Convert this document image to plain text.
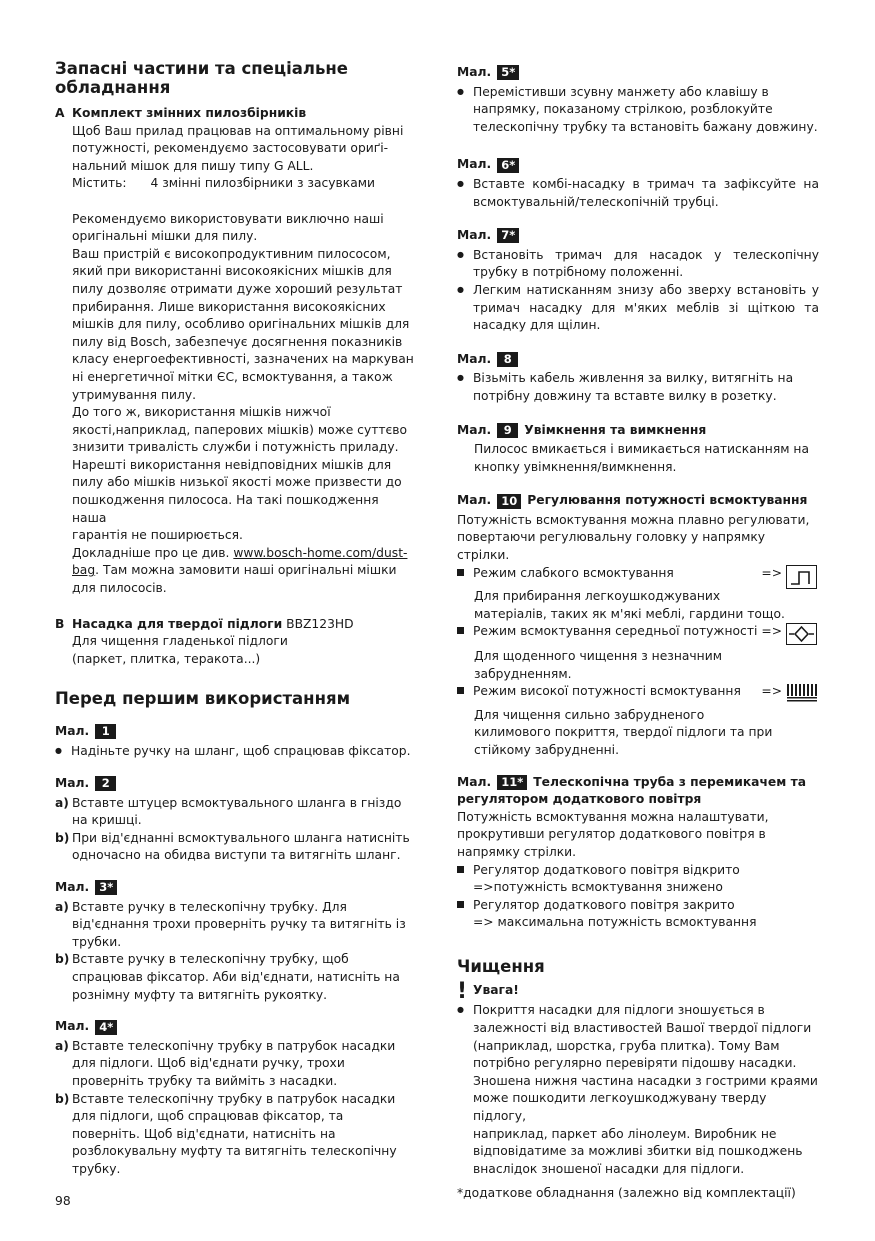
Запасні частини та спеціальне обладнання
A Комплект змінних пилозбірників
Щоб Ваш прилад працював на оптимальному рівні
потужності, рекомендуємо застосовувати ориґі-
нальний мішок для пишу типу G ALL.
Містить: 4 змінні пилозбірники з засувками
Рекомендуємо використовувати виключно наші
оригінальні мішки для пилу.
Ваш пристрій є високопродуктивним пилососом,
який при використанні високоякісних мішків для
пилу дозволяє отримати дуже хороший результат
прибирання. Лише використання високоякісних
мішків для пилу, особливо оригінальних мішків для
пилу від Bosch, забезпечує досягнення показників
класу енергоефективності, зазначених на маркуван
ні енергетичної мітки ЄС, всмоктування, а також
утримування пилу.
До того ж, використання мішків нижчої
якості,наприклад, паперових мішків) може суттєво
знизити тривалість служби і потужність приладу.
Нарешті використання невідповідних мішків для
пилу або мішків низької якості може призвести до
пошкодження пилососа. На такі пошкодження наша
гарантія не поширюється.
Докладніше про це див. www.bosch-home.com/dust-
bag. Там можна замовити наші оригінальні мішки
для пилососів.
B Насадка для твердої підлоги BBZ123HD
Для чищення гладенької підлоги
(паркет, плитка, теракота...)
Перед першим використанням
Мал.	1
●
Надіньте ручку на шланг, щоб спрацював фіксатор.
Мал.	2
a) Вставте штуцер всмоктувального шланга в гніздо
на кришці.
b) При від'єднанні всмоктувального шланга натисніть
одночасно на обидва виступи та витягніть шланг.
Мал. 3*
a) Вставте ручку в телескопічну трубку. Для
від'єднання трохи проверніть ручку та витягніть із
трубки.
b) Вставте ручку в телескопічну трубку, щоб
спрацював фіксатор. Аби від'єднати, натисніть на
рознімну муфту та витягніть рукоятку.
Мал. 4*
a) Вставте телескопічну трубку в патрубок насадки
для підлоги. Щоб від'єднати ручку, трохи
проверніть трубку та вийміть з насадки.
b) Вставте телескопічну трубку в патрубок насадки
для підлоги, щоб спрацював фіксатор, та
поверніть. Щоб від'єднати, натисніть на
розблокувальну муфту та витягніть телескопічну
трубку.
Мал. 5*
●
Перемістивши зсувну манжету або клавішу в
напрямку, показаному стрілкою, розблокуйте
телескопічну трубку та встановіть бажану довжину.
Мал. 6*
●
Вставте комбі-насадку в тримач та зафіксуйте на
всмоктувальній/телескопічній трубці.
Мал. 7*
●
Встановіть тримач для насадок у телескопічну
трубку в потрібному положенні.
●
Легким натисканням знизу або зверху встановіть у
тримач насадку для м'яких меблів зі щіткою та
насадку для щілин.
Мал.	8
●
Візьміть кабель живлення за вилку, витягніть на
потрібну довжину та вставте вилку в розетку.
Мал.	9	Увімкнення та вимкнення
Пилосос вмикається і вимикається натисканням на
кнопку увімкнення/вимкнення.
Мал. 10 Регулювання потужності всмоктування
Потужність всмоктування можна плавно регулювати,
повертаючи регулювальну головку у напрямку
стрілки.
Режим слабкого всмоктування	=>
Для прибирання легкоушкоджуваних
матеріалів, таких як м'які меблі, гардини тощо.
Режим всмоктування середньої потужності =>
Для щоденного чищення з незначним
забрудненням.
Режим високої потужності всмоктування	=>
Для чищення сильно забрудненого
килимового покриття, твердої підлоги та при
стійкому забрудненні.
Мал. 11* Телескопічна труба з перемикачем та
регулятором додаткового повітря
Потужність всмоктування можна налаштувати,
прокрутивши регулятор додаткового повітря в
напрямку стрілки.
Регулятор додаткового повітря відкрито
=>потужність всмоктування знижено
Регулятор додаткового повітря закрито
=> максимальна потужність всмоктування
Чищення
! Увага!
●
Покриття насадки для підлоги зношується в
залежності від властивостей Вашої твердої підлоги
(наприклад, шорстка, груба плитка). Тому Вам
потрібно регулярно перевіряти підошву насадки.
Зношена нижня частина насадки з гострими краями
може пошкодити легкоушкоджувану тверду підлогу,
наприклад, паркет або лінолеум. Виробник не
відповідатиме за можливі збитки від пошкоджень
внаслідок зношеної насадки для підлоги.
98
*додаткове обладнання (залежно від комплектації)
